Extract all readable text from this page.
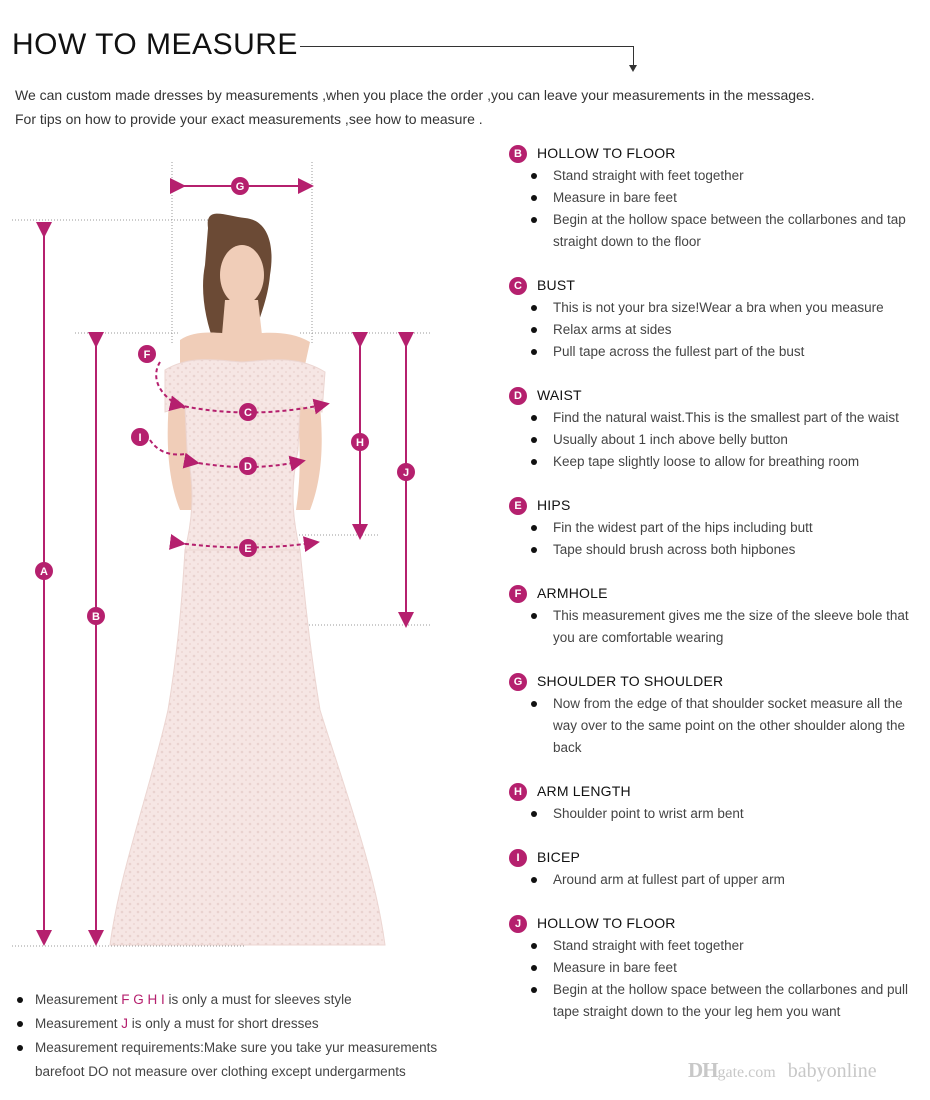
HOW TO MEASURE
We can custom made dresses by measurements ,when you place the order ,you can leave your measurements in the messages.
For tips on how to provide your exact measurements ,see how to measure .
A
B
C
D
E
F
G
H
I
J
B	HOLLOW TO FLOOR
Stand straight with feet together
Measure in bare feet
Begin at the hollow space between the collarbones and tap straight down to the floor
C	BUST
This is not your bra size!Wear a bra when you measure
Relax arms at sides
Pull tape across the fullest part of the bust
D	WAIST
Find the natural waist.This is the smallest part of the waist
Usually about 1 inch above belly button
Keep tape slightly loose to allow for breathing room
E	HIPS
Fin the widest part of the hips including butt
Tape should brush across both hipbones
F	ARMHOLE
This measurement gives me the size of the sleeve bole that you are comfortable wearing
G	SHOULDER TO SHOULDER
Now from the edge of that shoulder socket measure all the way over to the same point on the other shoulder along the back
H	ARM LENGTH
Shoulder point to wrist arm bent
I	BICEP
Around arm at fullest part of upper arm
J	HOLLOW TO FLOOR
Stand straight with feet together
Measure in bare feet
Begin at the hollow space between the collarbones and pull tape straight down to the your leg hem you want
Measurement F G H I is only a must for sleeves style
Measurement J is only a must for short dresses
Measurement requirements:Make sure you take yur measurements barefoot DO not measure over clothing except undergarments	DHgate.com babyonline
